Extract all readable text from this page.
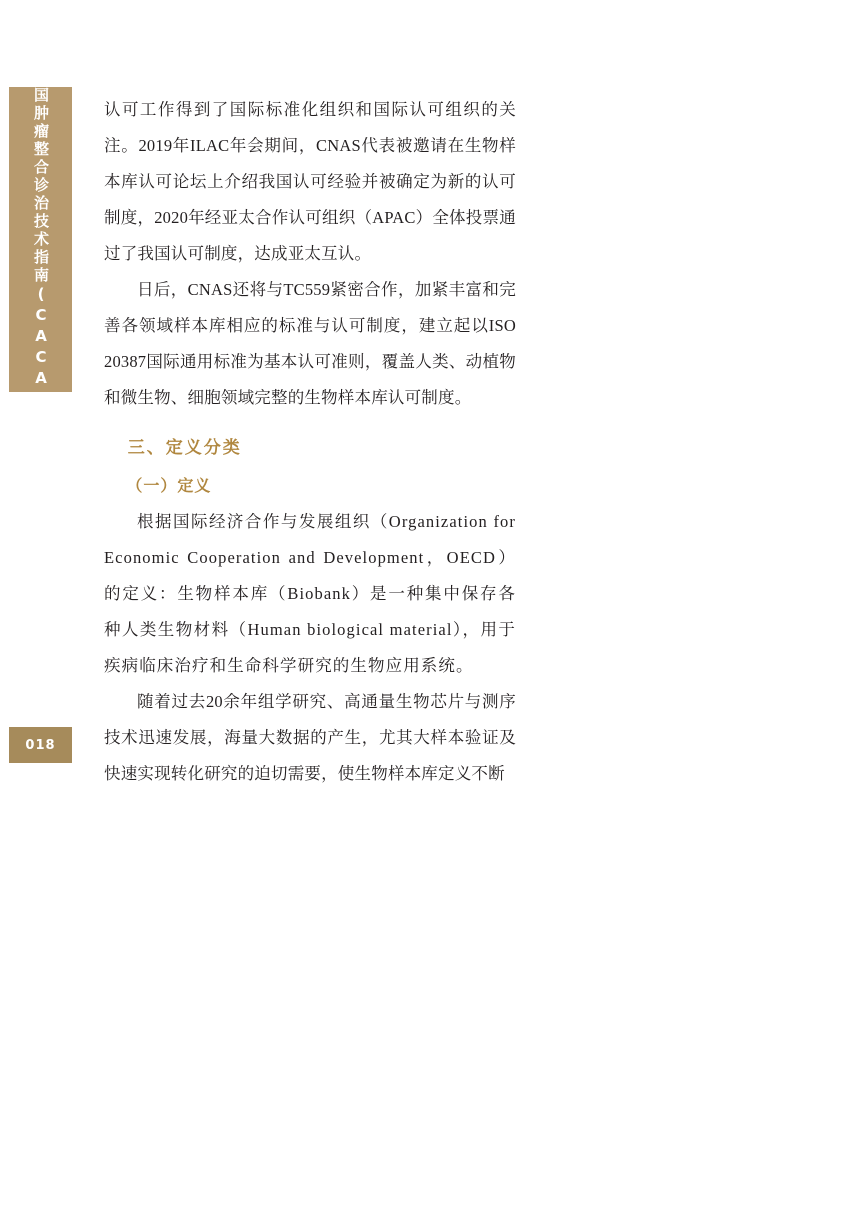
中国肿瘤整合诊治技术指南(CACA)
018

认可工作得到了国际标准化组织和国际认可组织的关注。2019年ILAC年会期间，CNAS代表被邀请在生物样本库认可论坛上介绍我国认可经验并被确定为新的认可制度，2020年经亚太合作认可组织（APAC）全体投票通过了我国认可制度，达成亚太互认。

日后，CNAS还将与TC559紧密合作，加紧丰富和完善各领域样本库相应的标准与认可制度，建立起以ISO 20387国际通用标准为基本认可准则，覆盖人类、动植物和微生物、细胞领域完整的生物样本库认可制度。

三、定义分类
（一）定义

根据国际经济合作与发展组织（Organization for Economic Cooperation and Development，OECD）的定义：生物样本库（Biobank）是一种集中保存各种人类生物材料（Human biological material），用于疾病临床治疗和生命科学研究的生物应用系统。

随着过去20余年组学研究、高通量生物芯片与测序技术迅速发展，海量大数据的产生，尤其大样本验证及快速实现转化研究的迫切需要，使生物样本库定义不断
